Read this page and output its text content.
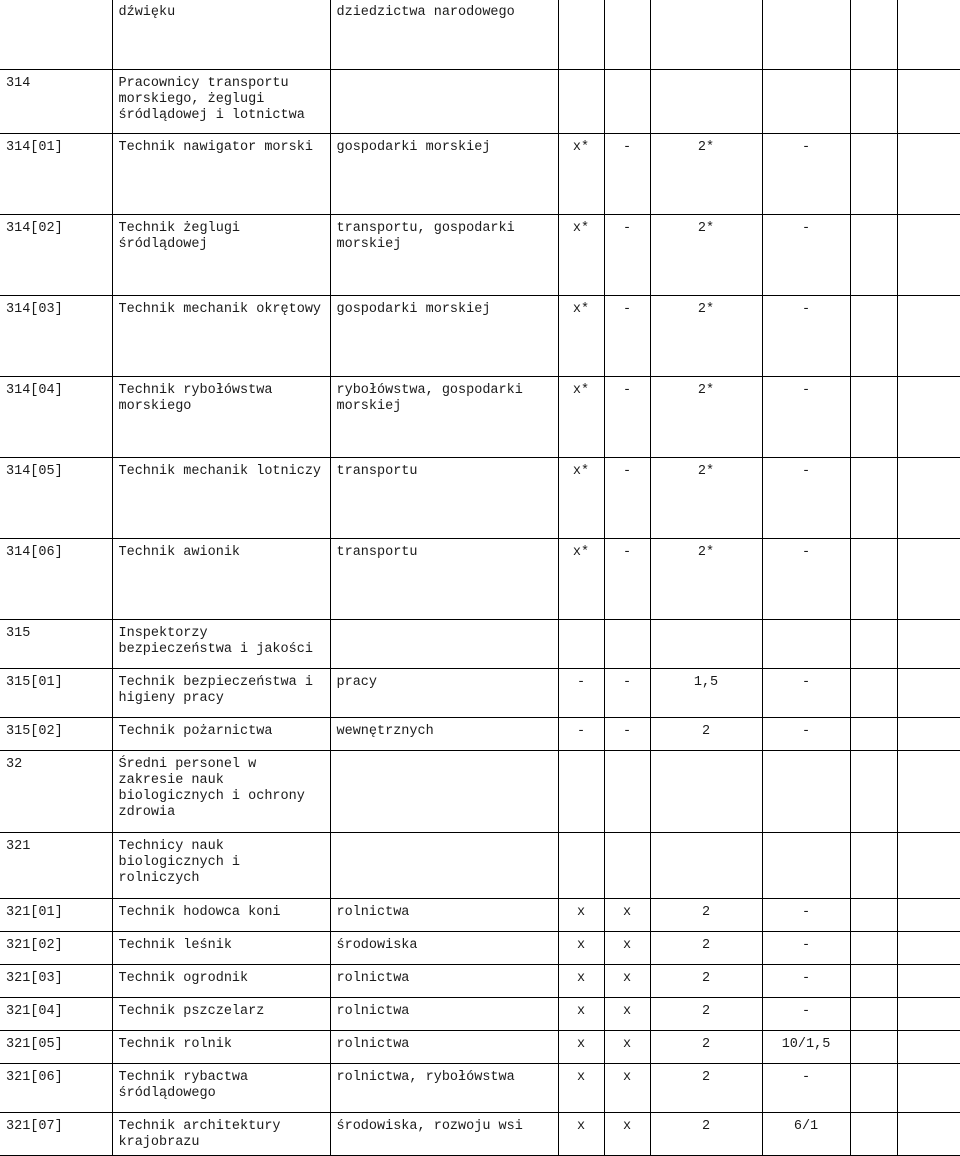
	dźwięku	dziedzictwa narodowego						
314	Pracownicy transportu morskiego, żeglugi śródlądowej i lotnictwa							
314[01]	Technik nawigator morski	gospodarki morskiej	x*	-	2*	-		
314[02]	Technik żeglugi śródlądowej	transportu, gospodarki morskiej	x*	-	2*	-		
314[03]	Technik mechanik okrętowy	gospodarki morskiej	x*	-	2*	-		
314[04]	Technik rybołówstwa morskiego	rybołówstwa, gospodarki morskiej	x*	-	2*	-		
314[05]	Technik mechanik lotniczy	transportu	x*	-	2*	-		
314[06]	Technik awionik	transportu	x*	-	2*	-		
315	Inspektorzy bezpieczeństwa i jakości							
315[01]	Technik bezpieczeństwa i higieny pracy	pracy	-	-	1,5	-		
315[02]	Technik pożarnictwa	wewnętrznych	-	-	2	-		
32	Średni personel w zakresie nauk biologicznych i ochrony zdrowia							
321	Technicy nauk biologicznych i rolniczych							
321[01]	Technik hodowca koni	rolnictwa	x	x	2	-		
321[02]	Technik leśnik	środowiska	x	x	2	-		
321[03]	Technik ogrodnik	rolnictwa	x	x	2	-		
321[04]	Technik pszczelarz	rolnictwa	x	x	2	-		
321[05]	Technik rolnik	rolnictwa	x	x	2	10/1,5		
321[06]	Technik rybactwa śródlądowego	rolnictwa, rybołówstwa	x	x	2	-		
321[07]	Technik architektury krajobrazu	środowiska, rozwoju wsi	x	x	2	6/1		
